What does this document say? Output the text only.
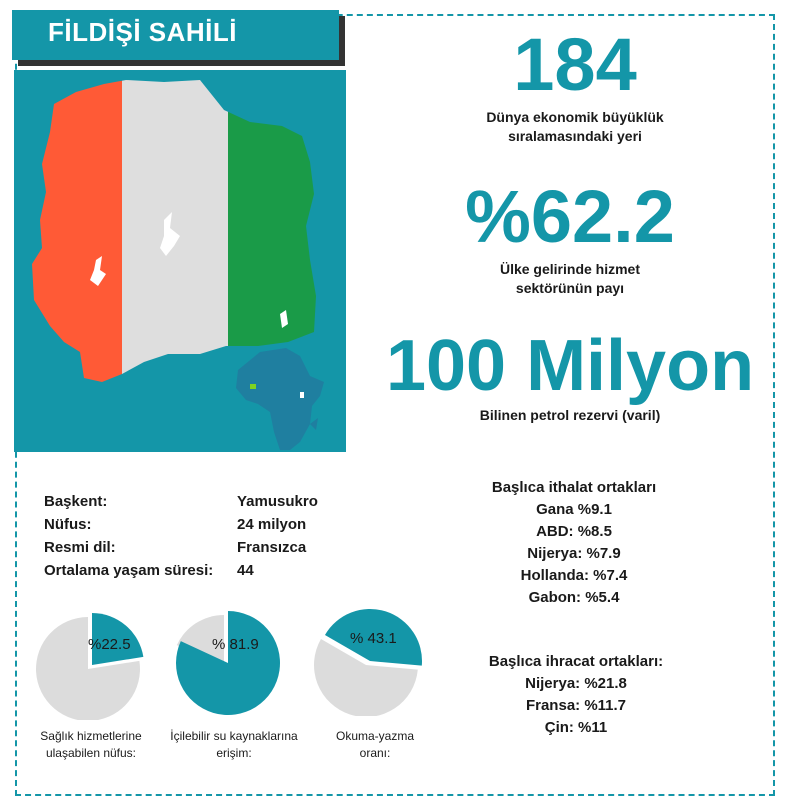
FİLDİŞİ SAHİLİ	184
Dünya ekonomik büyüklük
sıralamasındaki yeri
%62.2
Ülke gelirinde hizmet
sektörünün payı
100 Milyon
Bilinen petrol rezervi (varil)
Başkent:	Yamusukro
Nüfus:	24 milyon
Resmi dil:	Fransızca
Ortalama yaşam süresi: 44
Başlıca ithalat ortakları
Gana %9.1
ABD: %8.5
Nijerya: %7.9
Hollanda: %7.4
Gabon: %5.4
Başlıca ihracat ortakları:
Nijerya: %21.8
Fransa: %11.7
Çin: %11
%22.5
Sağlık hizmetlerine
ulaşabilen nüfus:
% 81.9
İçilebilir su kaynaklarına
erişim:
% 43.1
Okuma-yazma
oranı:
